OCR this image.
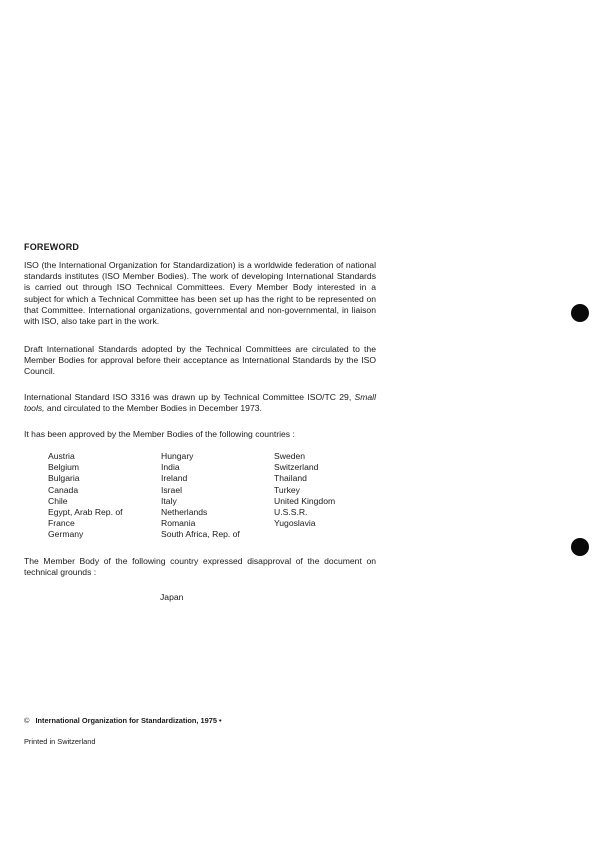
FOREWORD
ISO (the International Organization for Standardization) is a worldwide federation of national standards institutes (ISO Member Bodies). The work of developing International Standards is carried out through ISO Technical Committees. Every Member Body interested in a subject for which a Technical Committee has been set up has the right to be represented on that Committee. International organizations, governmental and non-governmental, in liaison with ISO, also take part in the work.
Draft International Standards adopted by the Technical Committees are circulated to the Member Bodies for approval before their acceptance as International Standards by the ISO Council.
International Standard ISO 3316 was drawn up by Technical Committee ISO/TC 29, Small tools, and circulated to the Member Bodies in December 1973.
It has been approved by the Member Bodies of the following countries :
Austria
Belgium
Bulgaria
Canada
Chile
Egypt, Arab Rep. of
France
Germany
Hungary
India
Ireland
Israel
Italy
Netherlands
Romania
South Africa, Rep. of
Sweden
Switzerland
Thailand
Turkey
United Kingdom
U.S.S.R.
Yugoslavia
The Member Body of the following country expressed disapproval of the document on technical grounds :
Japan
© International Organization for Standardization, 1975 •
Printed in Switzerland
